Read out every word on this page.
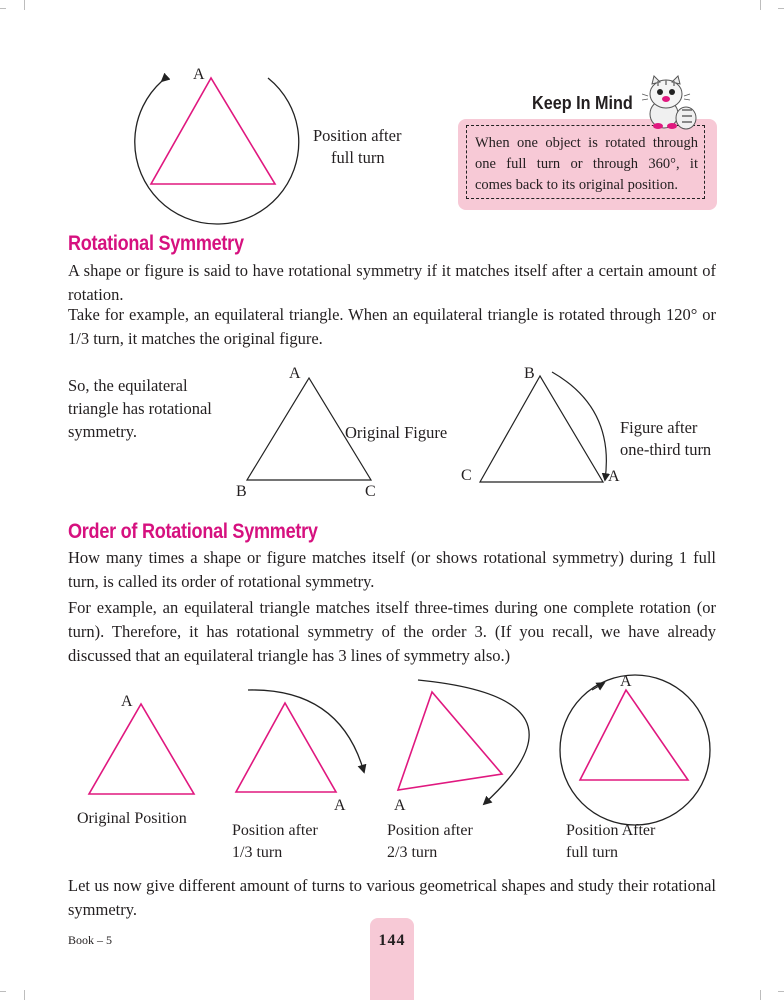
A
Position after
full turn
When one object is rotated through one full turn or through 360°, it comes back to its original position.
Keep In Mind
Rotational Symmetry
A shape or figure is said to have rotational symmetry if it matches itself after a certain amount of rotation.
Take for example, an equilateral triangle. When an equilateral triangle is rotated through 120° or 1/3 turn, it matches the original figure.
So, the equilateral
triangle has rotational
symmetry.
A
B	C
Original Figure
B
C	A
Figure after
one-third turn
Order of Rotational Symmetry
How many times a shape or figure matches itself (or shows rotational symmetry) during 1 full turn, is called its order of rotational symmetry.
For example, an equilateral triangle matches itself three-times during one complete rotation (or turn). Therefore, it has rotational symmetry of the order 3. (If you recall, we have already discussed that an equilateral triangle has 3 lines of symmetry also.)
A
A	A
A
Original Position
Position after
1/3 turn
Position after
2/3 turn
Position After
full turn
Let us now give different amount of turns to various geometrical shapes and study their rotational symmetry.
Book – 5	144
